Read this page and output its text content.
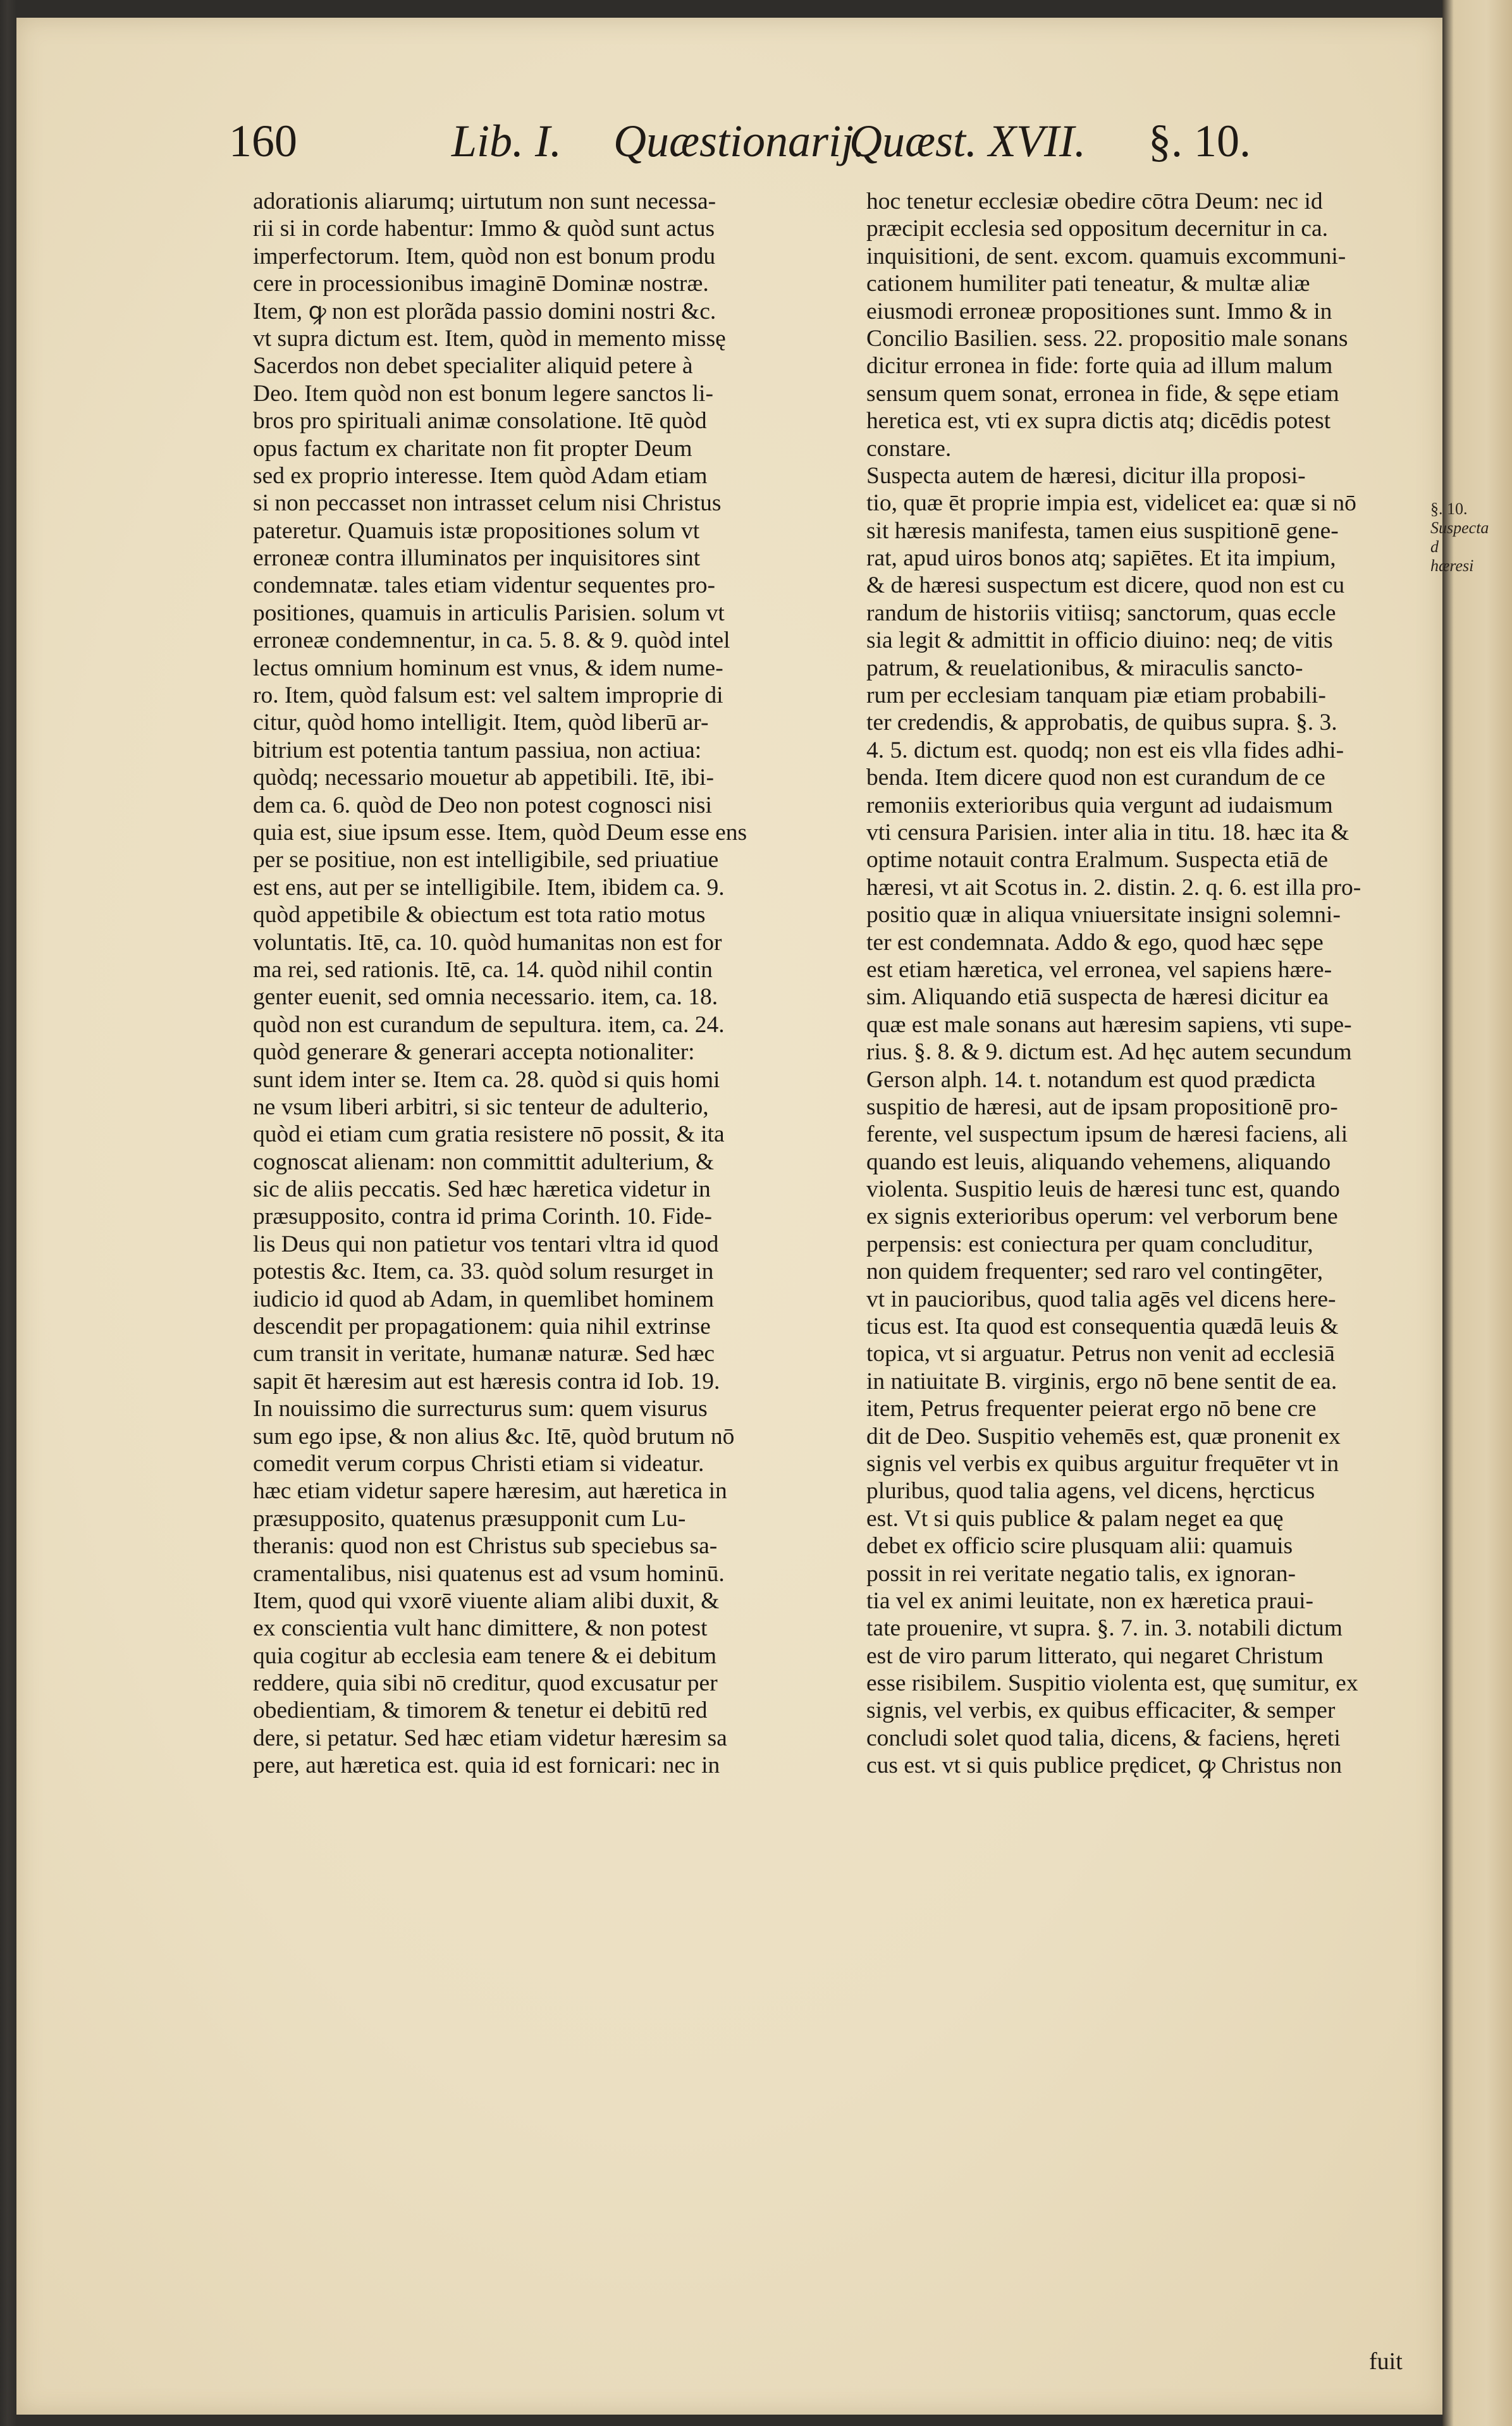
160	Lib. I. Quæstionarij.
Quæst. XVII. §. 10.
adorationis aliarumq; uirtutum non sunt necessa-
rii si in corde habentur: Immo & quòd sunt actus
imperfectorum. Item, quòd non est bonum produ
cere in processionibus imaginē Dominæ nostræ.
Item, ꝙ non est plorãda passio domini nostri &c.
vt supra dictum est. Item, quòd in memento missę
Sacerdos non debet specialiter aliquid petere à
Deo. Item quòd non est bonum legere sanctos li-
bros pro spirituali animæ consolatione. Itē quòd
opus factum ex charitate non fit propter Deum
sed ex proprio interesse. Item quòd Adam etiam
si non peccasset non intrasset celum nisi Christus
pateretur. Quamuis istæ propositiones solum vt
erroneæ contra illuminatos per inquisitores sint
condemnatæ. tales etiam videntur sequentes pro-
positiones, quamuis in articulis Parisien. solum vt
erroneæ condemnentur, in ca. 5. 8. & 9. quòd intel
lectus omnium hominum est vnus, & idem nume-
ro. Item, quòd falsum est: vel saltem improprie di
citur, quòd homo intelligit. Item, quòd liberū ar-
bitrium est potentia tantum passiua, non actiua:
quòdq; necessario mouetur ab appetibili. Itē, ibi-
dem ca. 6. quòd de Deo non potest cognosci nisi
quia est, siue ipsum esse. Item, quòd Deum esse ens
per se positiue, non est intelligibile, sed priuatiue
est ens, aut per se intelligibile. Item, ibidem ca. 9.
quòd appetibile & obiectum est tota ratio motus
voluntatis. Itē, ca. 10. quòd humanitas non est for
ma rei, sed rationis. Itē, ca. 14. quòd nihil contin
genter euenit, sed omnia necessario. item, ca. 18.
quòd non est curandum de sepultura. item, ca. 24.
quòd generare & generari accepta notionaliter:
sunt idem inter se. Item ca. 28. quòd si quis homi
ne vsum liberi arbitri, si sic tenteur de adulterio,
quòd ei etiam cum gratia resistere nō possit, & ita
cognoscat alienam: non committit adulterium, &
sic de aliis peccatis. Sed hæc hæretica videtur in
præsupposito, contra id prima Corinth. 10. Fide-
lis Deus qui non patietur vos tentari vltra id quod
potestis &c. Item, ca. 33. quòd solum resurget in
iudicio id quod ab Adam, in quemlibet hominem
descendit per propagationem: quia nihil extrinse
cum transit in veritate, humanæ naturæ. Sed hæc
sapit ēt hæresim aut est hæresis contra id Iob. 19.
In nouissimo die surrecturus sum: quem visurus
sum ego ipse, & non alius &c. Itē, quòd brutum nō
comedit verum corpus Christi etiam si videatur.
hæc etiam videtur sapere hæresim, aut hæretica in
præsupposito, quatenus præsupponit cum Lu-
theranis: quod non est Christus sub speciebus sa-
cramentalibus, nisi quatenus est ad vsum hominū.
Item, quod qui vxorē viuente aliam alibi duxit, &
ex conscientia vult hanc dimittere, & non potest
quia cogitur ab ecclesia eam tenere & ei debitum
reddere, quia sibi nō creditur, quod excusatur per
obedientiam, & timorem & tenetur ei debitū red
dere, si petatur. Sed hæc etiam videtur hæresim sa
pere, aut hæretica est. quia id est fornicari: nec in
hoc tenetur ecclesiæ obedire cōtra Deum: nec id
præcipit ecclesia sed oppositum decernitur in ca.
inquisitioni, de sent. excom. quamuis excommuni-
cationem humiliter pati teneatur, & multæ aliæ
eiusmodi erroneæ propositiones sunt. Immo & in
Concilio Basilien. sess. 22. propositio male sonans
dicitur erronea in fide: forte quia ad illum malum
sensum quem sonat, erronea in fide, & sępe etiam
heretica est, vti ex supra dictis atq; dicēdis potest
constare.
Suspecta autem de hæresi, dicitur illa proposi-
tio, quæ ēt proprie impia est, videlicet ea: quæ si nō
sit hæresis manifesta, tamen eius suspitionē gene-
rat, apud uiros bonos atq; sapiētes. Et ita impium,
& de hæresi suspectum est dicere, quod non est cu
randum de historiis vitiisq; sanctorum, quas eccle
sia legit & admittit in officio diuino: neq; de vitis
patrum, & reuelationibus, & miraculis sancto-
rum per ecclesiam tanquam piæ etiam probabili-
ter credendis, & approbatis, de quibus supra. §. 3.
4. 5. dictum est. quodq; non est eis vlla fides adhi-
benda. Item dicere quod non est curandum de ce
remoniis exterioribus quia vergunt ad iudaismum
vti censura Parisien. inter alia in titu. 18. hæc ita &
optime notauit contra Eralmum. Suspecta etiā de
hæresi, vt ait Scotus in. 2. distin. 2. q. 6. est illa pro-
positio quæ in aliqua vniuersitate insigni solemni-
ter est condemnata. Addo & ego, quod hæc sępe
est etiam hæretica, vel erronea, vel sapiens hære-
sim. Aliquando etiā suspecta de hæresi dicitur ea
quæ est male sonans aut hæresim sapiens, vti supe-
rius. §. 8. & 9. dictum est. Ad hęc autem secundum
Gerson alph. 14. t. notandum est quod prædicta
suspitio de hæresi, aut de ipsam propositionē pro-
ferente, vel suspectum ipsum de hæresi faciens, ali
quando est leuis, aliquando vehemens, aliquando
violenta. Suspitio leuis de hæresi tunc est, quando
ex signis exterioribus operum: vel verborum bene
perpensis: est coniectura per quam concluditur,
non quidem frequenter; sed raro vel contingēter,
vt in paucioribus, quod talia agēs vel dicens here-
ticus est. Ita quod est consequentia quædā leuis &
topica, vt si arguatur. Petrus non venit ad ecclesiā
in natiuitate B. virginis, ergo nō bene sentit de ea.
item, Petrus frequenter peierat ergo nō bene cre
dit de Deo. Suspitio vehemēs est, quæ pronenit ex
signis vel verbis ex quibus arguitur frequēter vt in
pluribus, quod talia agens, vel dicens, hęrcticus
est. Vt si quis publice & palam neget ea quę
debet ex officio scire plusquam alii: quamuis
possit in rei veritate negatio talis, ex ignoran-
tia vel ex animi leuitate, non ex hæretica praui-
tate prouenire, vt supra. §. 7. in. 3. notabili dictum
est de viro parum litterato, qui negaret Christum
esse risibilem. Suspitio violenta est, quę sumitur, ex
signis, vel verbis, ex quibus efficaciter, & semper
concludi solet quod talia, dicens, & faciens, hęreti
cus est. vt si quis publice prędicet, ꝙ Christus non
§. 10.
Suspecta d
hæresi
fuit
